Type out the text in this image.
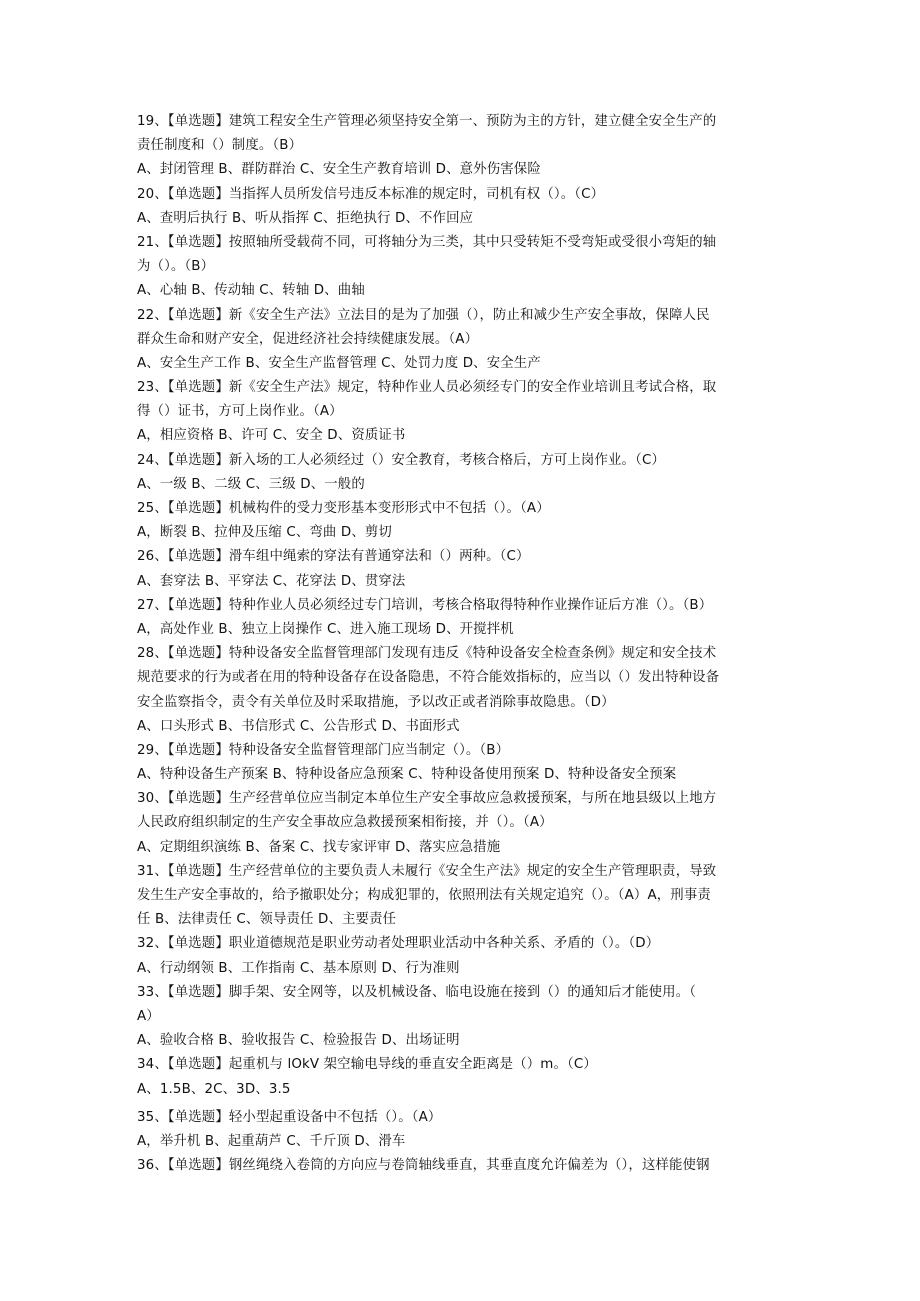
19、【单选题】建筑工程安全生产管理必须坚持安全第一、预防为主的方针，建立健全安全生产的
责任制度和（）制度。（B）
A、封闭管理 B、群防群治 C、安全生产教育培训 D、意外伤害保险
20、【单选题】当指挥人员所发信号违反本标准的规定时，司机有权（）。（C）
A、查明后执行 B、听从指挥 C、拒绝执行 D、不作回应
21、【单选题】按照轴所受载荷不同，可将轴分为三类，其中只受转矩不受弯矩或受很小弯矩的轴
为（）。（B）
A、心轴 B、传动轴 C、转轴 D、曲轴
22、【单选题】新《安全生产法》立法目的是为了加强（），防止和减少生产安全事故，保障人民
群众生命和财产安全，促进经济社会持续健康发展。（A）
A、安全生产工作 B、安全生产监督管理 C、处罚力度 D、安全生产
23、【单选题】新《安全生产法》规定，特种作业人员必须经专门的安全作业培训且考试合格，取
得（）证书，方可上岗作业。（A）
A，相应资格 B、许可 C、安全 D、资质证书
24、【单选题】新入场的工人必须经过（）安全教育，考核合格后，方可上岗作业。（C）
A、一级 B、二级 C、三级 D、一般的
25、【单选题】机械构件的受力变形基本变形形式中不包括（）。（A）
A，断裂 B、拉伸及压缩 C、弯曲 D、剪切
26、【单选题】滑车组中绳索的穿法有普通穿法和（）两种。（C）
A、套穿法 B、平穿法 C、花穿法 D、贯穿法
27、【单选题】特种作业人员必须经过专门培训，考核合格取得特种作业操作证后方准（）。（B）
A，高处作业 B、独立上岗操作 C、进入施工现场 D、开搅拌机
28、【单选题】特种设备安全监督管理部门发现有违反《特种设备安全检查条例》规定和安全技术
规范要求的行为或者在用的特种设备存在设备隐患，不符合能效指标的，应当以（）发出特种设备
安全监察指令，责令有关单位及时采取措施，予以改正或者消除事故隐患。（D）
A、口头形式 B、书信形式 C、公告形式 D、书面形式
29、【单选题】特种设备安全监督管理部门应当制定（）。（B）
A、特种设备生产预案 B、特种设备应急预案 C、特种设备使用预案 D、特种设备安全预案
30、【单选题】生产经营单位应当制定本单位生产安全事故应急救援预案，与所在地县级以上地方
人民政府组织制定的生产安全事故应急救援预案相衔接，并（）。（A）
A、定期组织演练 B、备案 C、找专家评审 D、落实应急措施
31、【单选题】生产经营单位的主要负责人未履行《安全生产法》规定的安全生产管理职责，导致
发生生产安全事故的，给予撤职处分；构成犯罪的，依照刑法有关规定追究（）。（A）A，刑事责
任 B、法律责任 C、领导责任 D、主要责任
32、【单选题】职业道德规范是职业劳动者处理职业活动中各种关系、矛盾的（）。（D）
A、行动纲领 B、工作指南 C、基本原则 D、行为准则
33、【单选题】脚手架、安全网等，以及机械设备、临电设施在接到（）的通知后才能使用。（
A）
A、验收合格 B、验收报告 C、检验报告 D、出场证明
34、【单选题】起重机与 lOkV 架空输电导线的垂直安全距离是（）m。（C）
A、1.5B、2C、3D、3.5
35、【单选题】轻小型起重设备中不包括（）。（A）
A，举升机 B、起重葫芦 C、千斤顶 D、滑车
36、【单选题】钢丝绳绕入卷筒的方向应与卷筒轴线垂直，其垂直度允许偏差为（），这样能使钢
